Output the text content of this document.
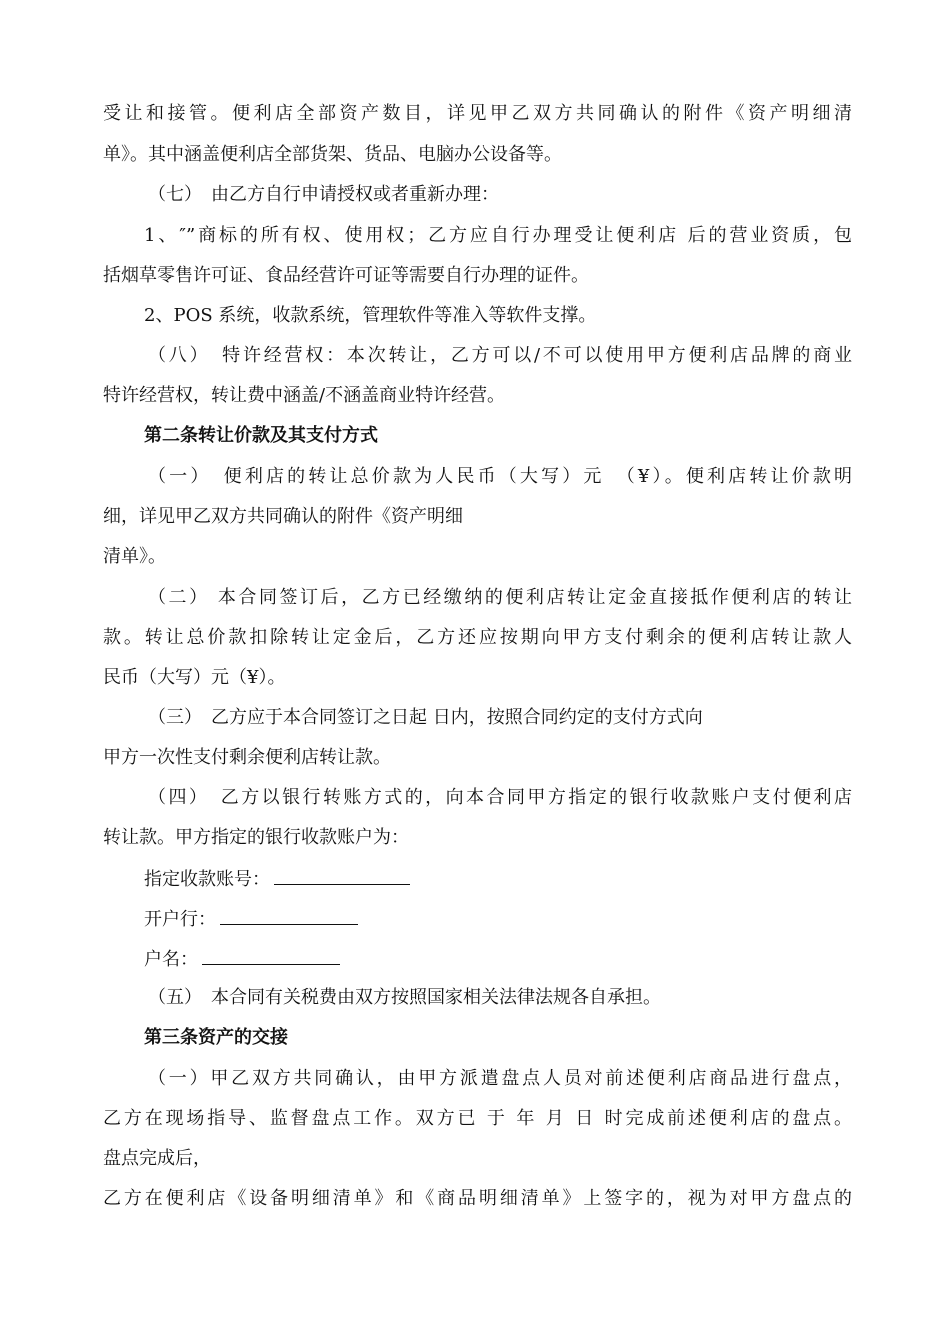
受让和接管。便利店全部资产数目，详见甲乙双方共同确认的附件《资产明细清
单》。其中涵盖便利店全部货架、货品、电脑办公设备等。
（七）　由乙方自行申请授权或者重新办理：
1、″”商标的所有权、使用权；乙方应自行办理受让便利店 后的营业资质，包
括烟草零售许可证、食品经营许可证等需要自行办理的证件。
2、POS 系统，收款系统，管理软件等准入等软件支撑。
（八）　特许经营权：本次转让，乙方可以/不可以使用甲方便利店品牌的商业
特许经营权，转让费中涵盖/不涵盖商业特许经营。
第二条转让价款及其支付方式
（一）　便利店的转让总价款为人民币（大写）元　（¥）。便利店转让价款明
细，详见甲乙双方共同确认的附件《资产明细
清单》。
（二） 本合同签订后，乙方已经缴纳的便利店转让定金直接抵作便利店的转让
款。转让总价款扣除转让定金后，乙方还应按期向甲方支付剩余的便利店转让款人
民币（大写）元（¥）。
（三）　乙方应于本合同签订之日起 日内，按照合同约定的支付方式向
甲方一次性支付剩余便利店转让款。
（四）　乙方以银行转账方式的，向本合同甲方指定的银行收款账户支付便利店
转让款。甲方指定的银行收款账户为：
指定收款账号：
开户行：
户名：
（五）　本合同有关税费由双方按照国家相关法律法规各自承担。
第三条资产的交接
（一）甲乙双方共同确认，由甲方派遣盘点人员对前述便利店商品进行盘点，
乙方在现场指导、监督盘点工作。双方已 于 年 月 日 时完成前述便利店的盘点。
盘点完成后，
乙方在便利店《设备明细清单》和《商品明细清单》上签字的，视为对甲方盘点的
